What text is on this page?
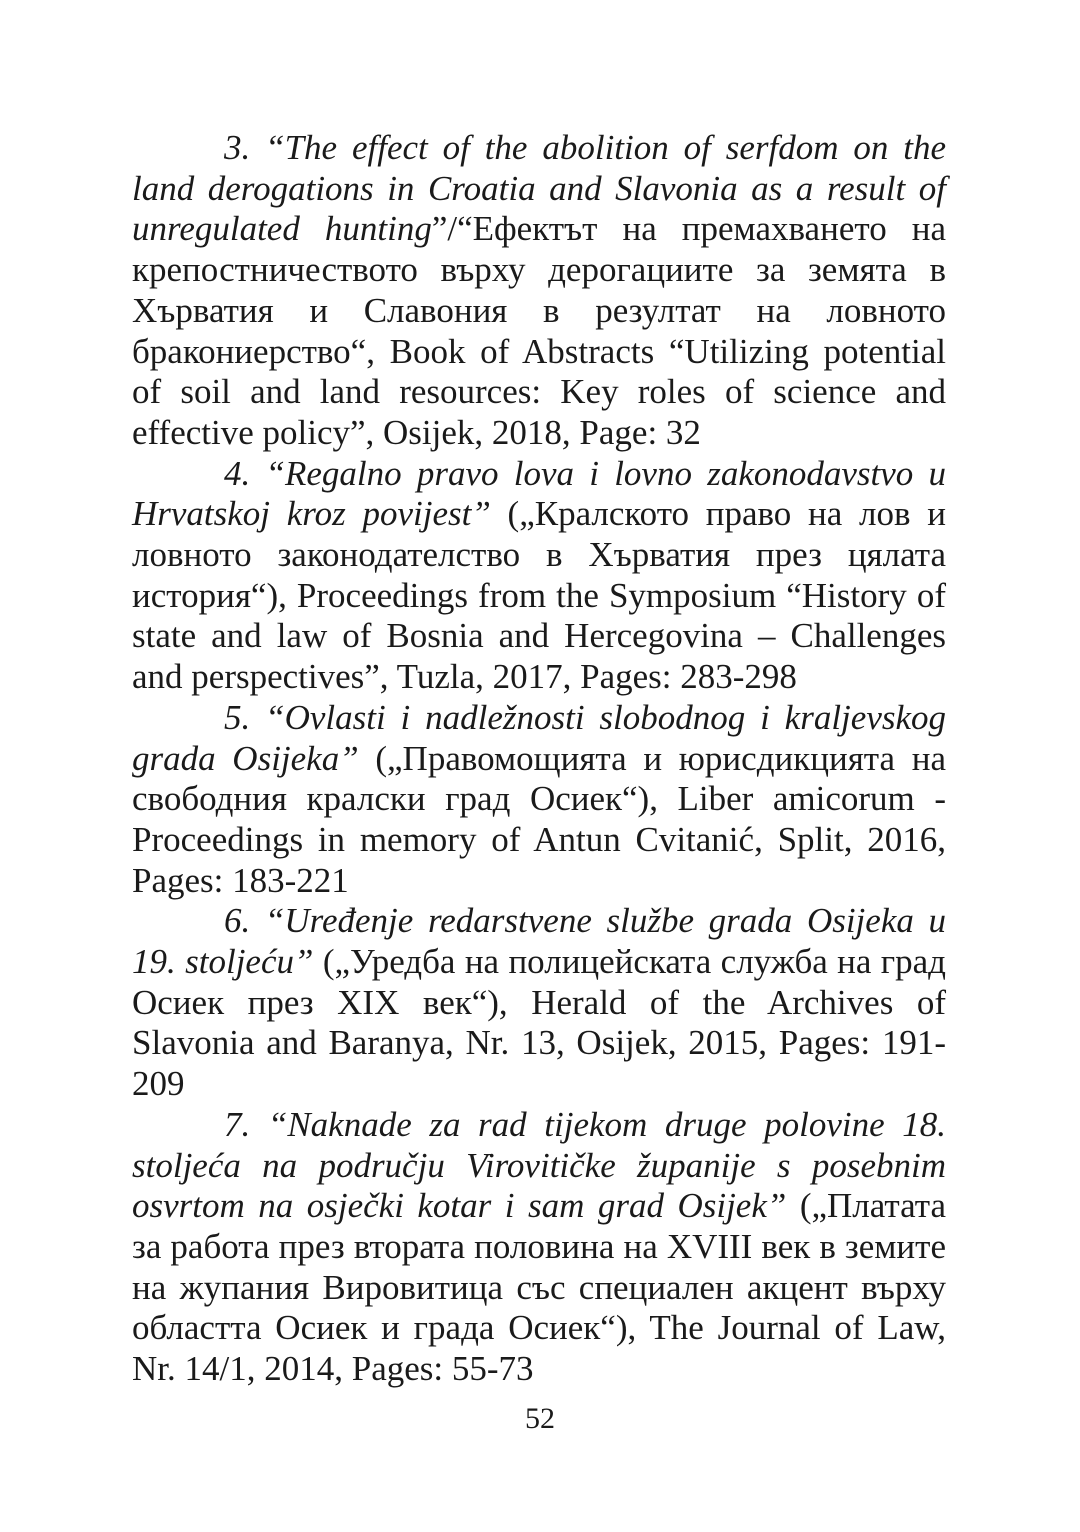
3. “The effect of the abolition of serfdom on the land derogations in Croatia and Slavonia as a result of unregulated hunting”/“Ефектът на премахването на крепостничеството върху дерогациите за земята в Хърватия и Славония в резултат на ловното бракониерство“, Book of Abstracts “Utilizing potential of soil and land resources: Key roles of science and effective policy”, Osijek, 2018, Page: 32

4. “Regalno pravo lova i lovno zakonodavstvo u Hrvatskoj kroz povijest” („Кралското право на лов и ловното законодателство в Хърватия през цялата история“), Proceedings from the Symposium “History of state and law of Bosnia and Hercegovina – Challenges and perspectives”, Tuzla, 2017, Pages: 283-298

5. “Ovlasti i nadležnosti slobodnog i kraljevskog grada Osijeka” („Правомощията и юрисдикцията на свободния кралски град Осиек“), Liber amicorum - Proceedings in memory of Antun Cvitanić, Split, 2016, Pages: 183-221

6. “Uređenje redarstvene službe grada Osijeka u 19. stoljeću” („Уредба на полицейската служба на град Осиек през XIX век“), Herald of the Archives of Slavonia and Baranya, Nr. 13, Osijek, 2015, Pages: 191-209

7. “Naknade za rad tijekom druge polovine 18. stoljeća na području Virovitičke županije s posebnim osvrtom na osječki kotar i sam grad Osijek” („Платата за работа през втората половина на XVIII век в земите на жупания Вировитица със специален акцент върху областта Осиек и града Осиек“), The Journal of Law, Nr. 14/1, 2014, Pages: 55-73

52
